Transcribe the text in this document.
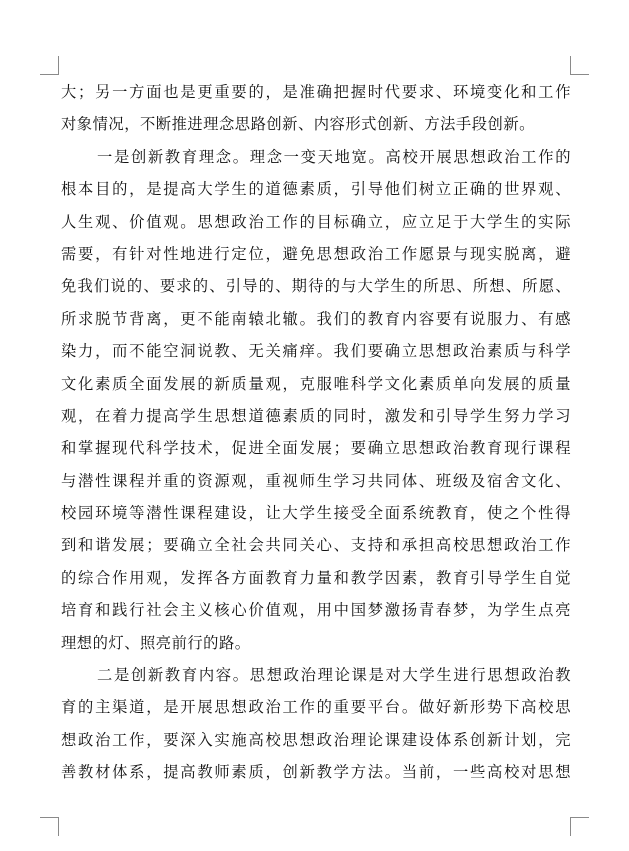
大；另一方面也是更重要的，是准确把握时代要求、环境变化和工作
对象情况，不断推进理念思路创新、内容形式创新、方法手段创新。
一是创新教育理念。理念一变天地宽。高校开展思想政治工作的
根本目的，是提高大学生的道德素质，引导他们树立正确的世界观、
人生观、价值观。思想政治工作的目标确立，应立足于大学生的实际
需要，有针对性地进行定位，避免思想政治工作愿景与现实脱离，避
免我们说的、要求的、引导的、期待的与大学生的所思、所想、所愿、
所求脱节背离，更不能南辕北辙。我们的教育内容要有说服力、有感
染力，而不能空洞说教、无关痛痒。我们要确立思想政治素质与科学
文化素质全面发展的新质量观，克服唯科学文化素质单向发展的质量
观，在着力提高学生思想道德素质的同时，激发和引导学生努力学习
和掌握现代科学技术，促进全面发展；要确立思想政治教育现行课程
与潜性课程并重的资源观，重视师生学习共同体、班级及宿舍文化、
校园环境等潜性课程建设，让大学生接受全面系统教育，使之个性得
到和谐发展；要确立全社会共同关心、支持和承担高校思想政治工作
的综合作用观，发挥各方面教育力量和教学因素，教育引导学生自觉
培育和践行社会主义核心价值观，用中国梦激扬青春梦，为学生点亮
理想的灯、照亮前行的路。
二是创新教育内容。思想政治理论课是对大学生进行思想政治教
育的主渠道，是开展思想政治工作的重要平台。做好新形势下高校思
想政治工作，要深入实施高校思想政治理论课建设体系创新计划，完
善教材体系，提高教师素质，创新教学方法。当前，一些高校对思想
